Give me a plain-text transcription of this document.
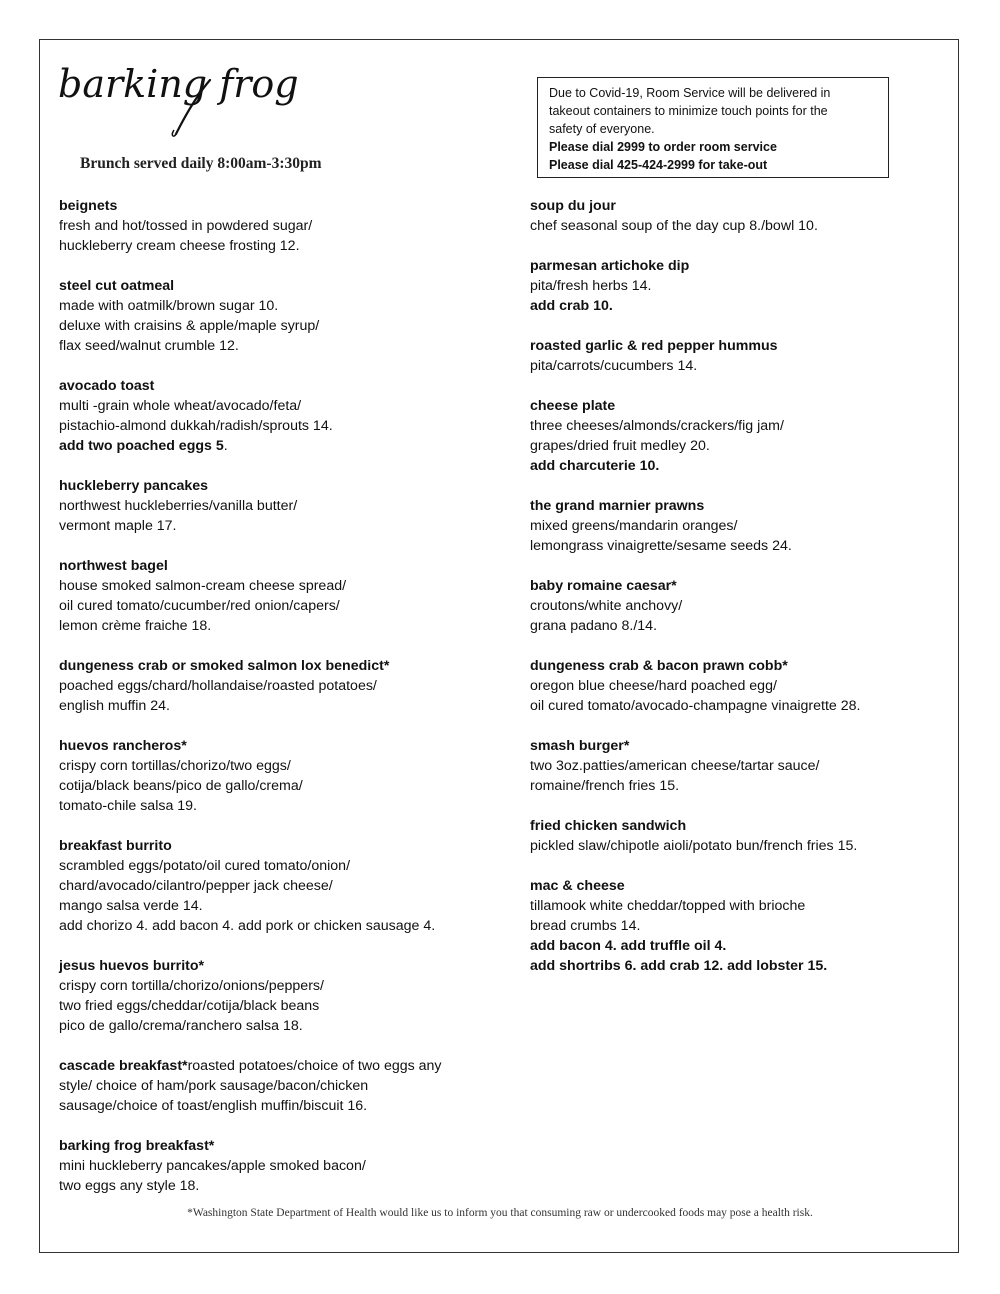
barking frog
Brunch served daily 8:00am-3:30pm
Due to Covid-19, Room Service will be delivered in
takeout containers to minimize touch points for the
safety of everyone.
Please dial 2999 to order room service
Please dial 425-424-2999 for take-out
beignets
fresh and hot/tossed in powdered sugar/
huckleberry cream cheese frosting 12.
steel cut oatmeal
made with oatmilk/brown sugar 10.
deluxe with craisins & apple/maple syrup/
flax seed/walnut crumble 12.
avocado toast
multi -grain whole wheat/avocado/feta/
pistachio-almond dukkah/radish/sprouts 14.
add two poached eggs 5.
huckleberry pancakes
northwest huckleberries/vanilla butter/
vermont maple 17.
northwest bagel
house smoked salmon-cream cheese spread/
oil cured tomato/cucumber/red onion/capers/
lemon crème fraiche 18.
dungeness crab or smoked salmon lox benedict*
poached eggs/chard/hollandaise/roasted potatoes/
english muffin 24.
huevos rancheros*
crispy corn tortillas/chorizo/two eggs/
cotija/black beans/pico de gallo/crema/
tomato-chile salsa 19.
breakfast burrito
scrambled eggs/potato/oil cured tomato/onion/
chard/avocado/cilantro/pepper jack cheese/
mango salsa verde 14.
add chorizo 4. add bacon 4. add pork or chicken sausage 4.
jesus huevos burrito*
crispy corn tortilla/chorizo/onions/peppers/
two fried eggs/cheddar/cotija/black beans
pico de gallo/crema/ranchero salsa 18.
cascade breakfast*roasted potatoes/choice of two eggs any
style/ choice of ham/pork sausage/bacon/chicken
sausage/choice of toast/english muffin/biscuit 16.
barking frog breakfast*
mini huckleberry pancakes/apple smoked bacon/
two eggs any style 18.
soup du jour
chef seasonal soup of the day cup 8./bowl 10.
parmesan artichoke dip
pita/fresh herbs 14.
add crab 10.
roasted garlic & red pepper hummus
pita/carrots/cucumbers 14.
cheese plate
three cheeses/almonds/crackers/fig jam/
grapes/dried fruit medley 20.
add charcuterie 10.
the grand marnier prawns
mixed greens/mandarin oranges/
lemongrass vinaigrette/sesame seeds 24.
baby romaine caesar*
croutons/white anchovy/
grana padano 8./14.
dungeness crab & bacon prawn cobb*
oregon blue cheese/hard poached egg/
oil cured tomato/avocado-champagne vinaigrette 28.
smash burger*
two 3oz.patties/american cheese/tartar sauce/
romaine/french fries 15.
fried chicken sandwich
pickled slaw/chipotle aioli/potato bun/french fries 15.
mac & cheese
tillamook white cheddar/topped with brioche
bread crumbs 14.
add bacon 4. add truffle oil 4.
add shortribs 6. add crab 12. add lobster 15.
*Washington State Department of Health would like us to inform you that consuming raw or undercooked foods may pose a health risk.
